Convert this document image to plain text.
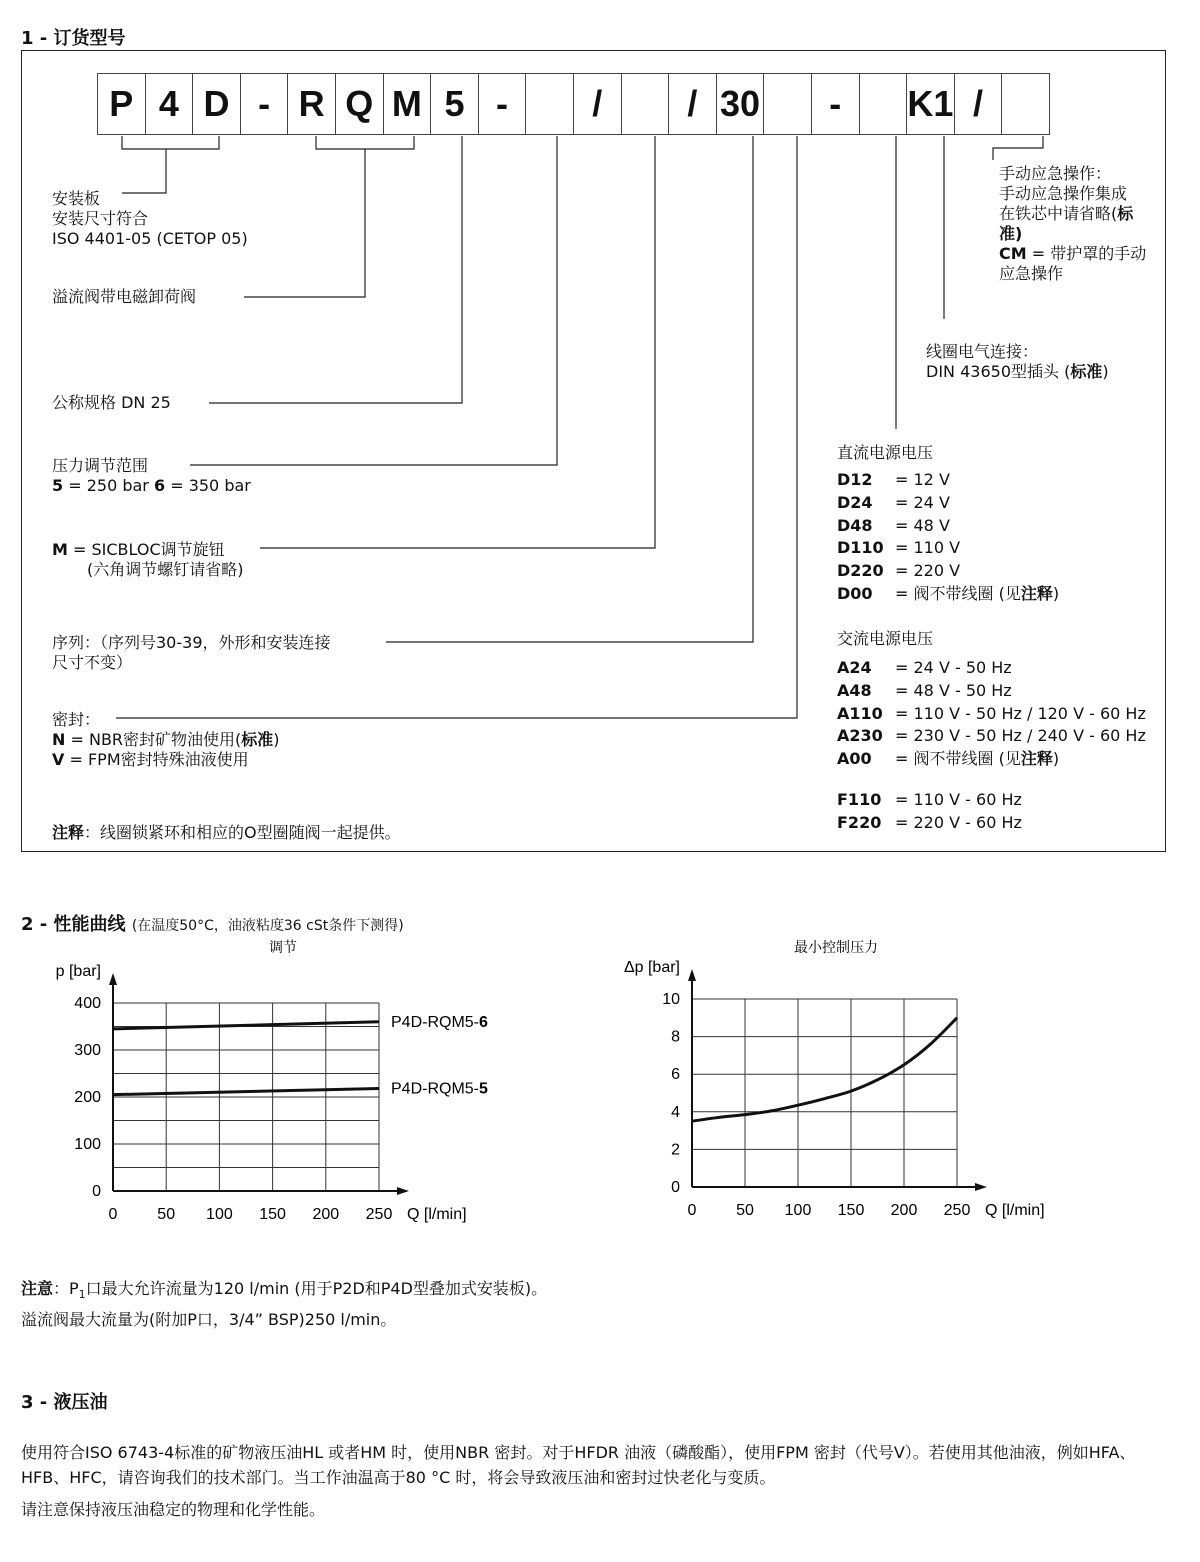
1 - 订货型号
P 4 D - R Q M 5 -	/	/ 30	-	K1 /
安装板
安装尺寸符合
ISO 4401-05 (CETOP 05)
溢流阀带电磁卸荷阀
公称规格 DN 25
压力调节范围
5 = 250 bar 6 = 350 bar
M = SICBLOC调节旋钮
(六角调节螺钉请省略)
序列：（序列号30-39，外形和安装连接
尺寸不变）
密封：
N = NBR密封矿物油使用(标准)
V = FPM密封特殊油液使用
注释：线圈锁紧环和相应的O型圈随阀一起提供。
手动应急操作：
手动应急操作集成
在铁芯中请省略(标
准)
CM = 带护罩的手动
应急操作
线圈电气连接：
DIN 43650型插头 (标准)
直流电源电压
D12 = 12 V
D24 = 24 V
D48 = 48 V
D110 = 110 V
D220 = 220 V
D00 = 阀不带线圈 (见注释)
交流电源电压
A24 = 24 V - 50 Hz
A48 = 48 V - 50 Hz
A110 = 110 V - 50 Hz / 120 V - 60 Hz
A230 = 230 V - 50 Hz / 240 V - 60 Hz
A00 = 阀不带线圈 (见注释)
F110 = 110 V - 60 Hz
F220 = 220 V - 60 Hz
2 - 性能曲线 (在温度50°C，油液粘度36 cSt条件下测得)
调节
0
100
200
300
400
0 50 100 150 200 250
p [bar]
Q [l/min]
P4D-RQM5-6
P4D-RQM5-5
最小控制压力
0
2
4
6
8
10
0 50 100 150 200 250
Δp [bar]
Q [l/min]
注意：$P_1$口最大允许流量为120 l/min (用于P2D和P4D型叠加式安装板)。
溢流阀最大流量为(附加P口，3/4” BSP)250 l/min。
3 - 液压油
使用符合ISO 6743-4标准的矿物液压油HL 或者HM 时，使用NBR 密封。对于HFDR 油液（磷酸酯），使用FPM 密封（代号V）。若使用其他油液，例如HFA、HFB、HFC，请咨询我们的技术部门。当工作油温高于80 °C 时，将会导致液压油和密封过快老化与变质。
请注意保持液压油稳定的物理和化学性能。
